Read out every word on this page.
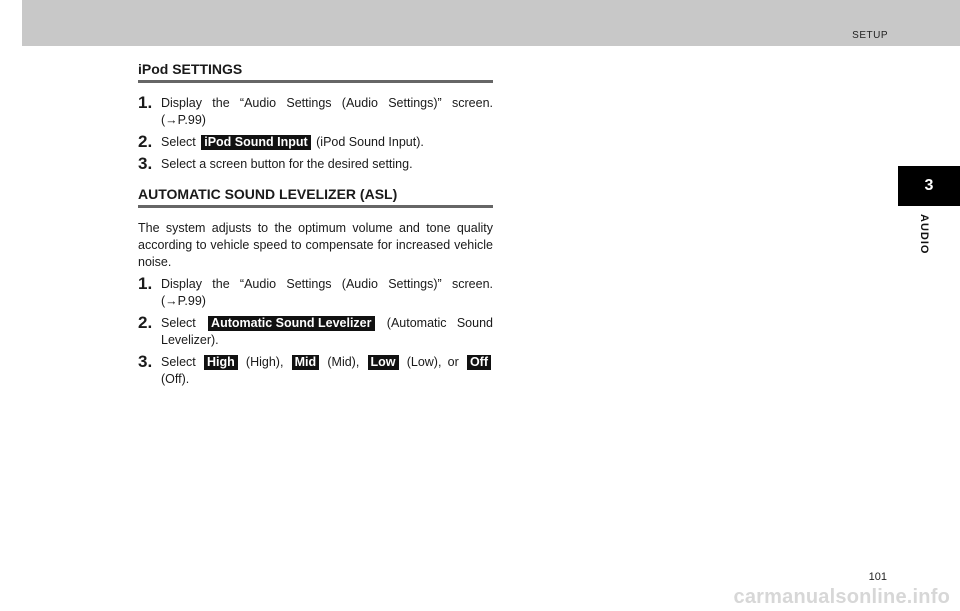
SETUP
3
AUDIO
iPod SETTINGS
1. Display the “Audio Settings (Audio Settings)” screen. (→P.99)
2. Select iPod Sound Input (iPod Sound Input).
3. Select a screen button for the desired setting.
AUTOMATIC SOUND LEVELIZER (ASL)
The system adjusts to the optimum volume and tone quality according to vehicle speed to compensate for increased vehicle noise.
1. Display the “Audio Settings (Audio Settings)” screen. (→P.99)
2. Select Automatic Sound Levelizer (Automatic Sound Levelizer).
3. Select High (High), Mid (Mid), Low (Low), or Off (Off).
101
carmanualsonline.info
